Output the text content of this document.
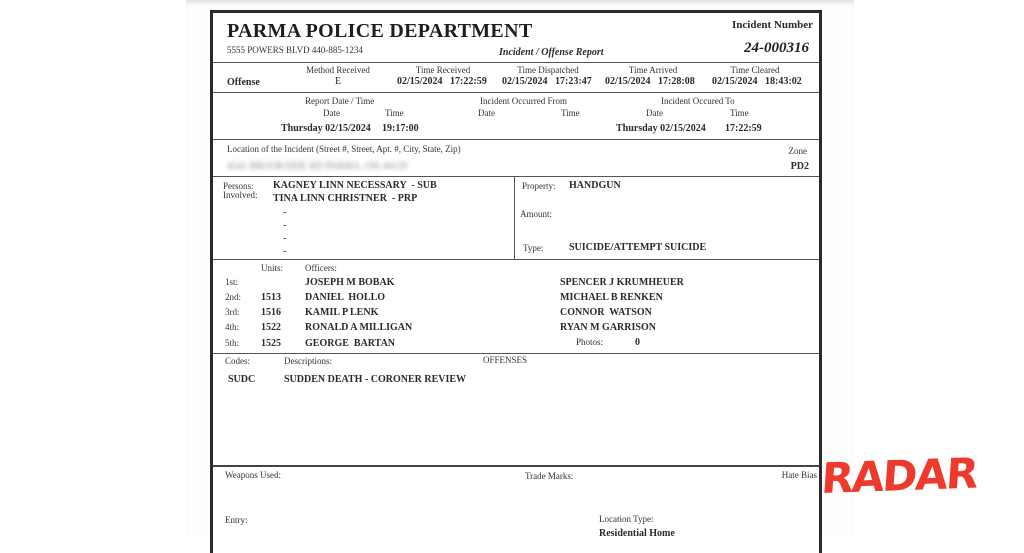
PARMA POLICE DEPARTMENT
5555 POWERS BLVD 440-885-1234	Incident / Offense Report
Incident Number
24-000316
Offense
Method Received
E
Time Received
02/15/2024   17:22:59
Time Dispatched
02/15/2024   17:23:47
Time Arrived
02/15/2024   17:28:08
Time Cleared
02/15/2024   18:43:02
Report Date / Time
Date	Time
Thursday 02/15/2024 19:17:00
Incident Occurred From
Date	Time
Incident Occured To
Date	Time
Thursday 02/15/2024 17:22:59
Location of the Incident (Street #, Street, Apt. #, City, State, Zip)
4541 BROOKSIDE RD PARMA, OH 44129
Zone
PD2
Persons:
Involved:
KAGNEY LINN NECESSARY  - SUB
TINA LINN CHRISTNER  - PRP
-
-
-
-
Property: HANDGUN
Amount:
Type:	SUICIDE/ATTEMPT SUICIDE
Units: Officers:
1st:	JOSEPH M BOBAK	SPENCER J KRUMHEUER
2nd: 1513 DANIEL  HOLLO	MICHAEL B RENKEN
3rd: 1516 KAMIL P LENK	CONNOR  WATSON
4th: 1522 RONALD A MILLIGAN	RYAN M GARRISON
5th: 1525 GEORGE  BARTAN	Photos:	0
Codes:	Descriptions:	OFFENSES
SUDC	SUDDEN DEATH - CORONER REVIEW
Weapons Used:	Trade Marks:	Hate Bias
Entry:	Location Type:
Residential Home
RADAR
